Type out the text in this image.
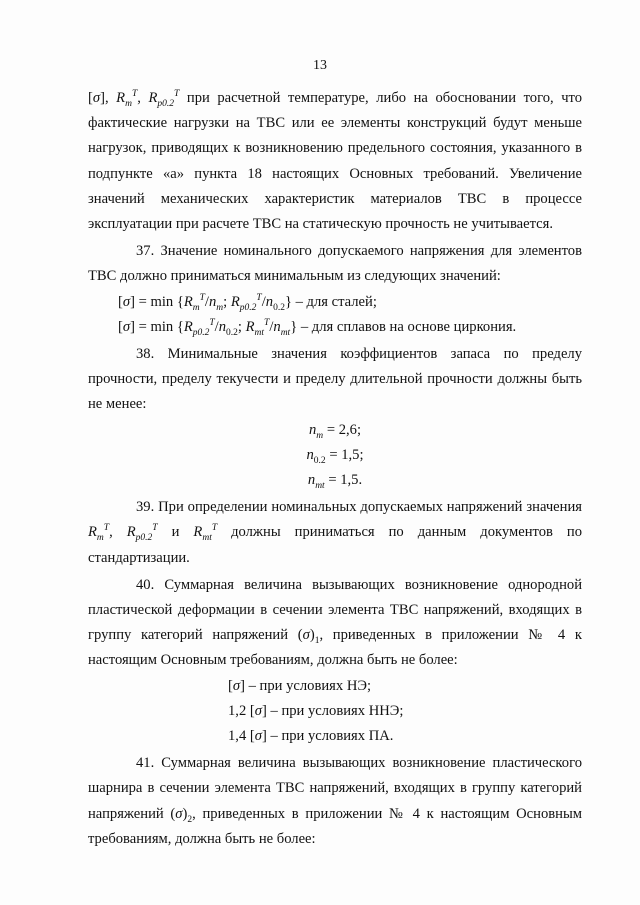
13

[σ], $R_m^T$, $R_{p0.2}^T$ при расчетной температуре, либо на обосновании того, что фактические нагрузки на ТВС или ее элементы конструкций будут меньше нагрузок, приводящих к возникновению предельного состояния, указанного в подпункте «а» пункта 18 настоящих Основных требований. Увеличение значений механических характеристик материалов ТВС в процессе эксплуатации при расчете ТВС на статическую прочность не учитывается.

37. Значение номинального допускаемого напряжения для элементов ТВС должно приниматься минимальным из следующих значений:

$[\sigma] = \min \{R_m^T/n_m$; $R_{p0.2}^T/n_{0.2}$} – для сталей;

$[\sigma] = \min \{R_{p0.2}^T/n_{0.2}$; $R_{mt}^T/n_{mt}$} – для сплавов на основе циркония.

38. Минимальные значения коэффициентов запаса по пределу прочности, пределу текучести и пределу длительной прочности должны быть не менее:

$n_m = 2,6$;

$n_{0.2} = 1,5$;

$n_{mt} = 1,5$.

39. При определении номинальных допускаемых напряжений значения $R_m^T$, $R_{p0.2}^T$ и $R_{mt}^T$ должны приниматься по данным документов по стандартизации.

40. Суммарная величина вызывающих возникновение однородной пластической деформации в сечении элемента ТВС напряжений, входящих в группу категорий напряжений $(\sigma)_1$, приведенных в приложении № 4 к настоящим Основным требованиям, должна быть не более:

[σ] – при условиях НЭ;

1,2 [σ] – при условиях ННЭ;

1,4 [σ] – при условиях ПА.

41. Суммарная величина вызывающих возникновение пластического шарнира в сечении элемента ТВС напряжений, входящих в группу категорий напряжений $(\sigma)_2$, приведенных в приложении № 4 к настоящим Основным требованиям, должна быть не более:
